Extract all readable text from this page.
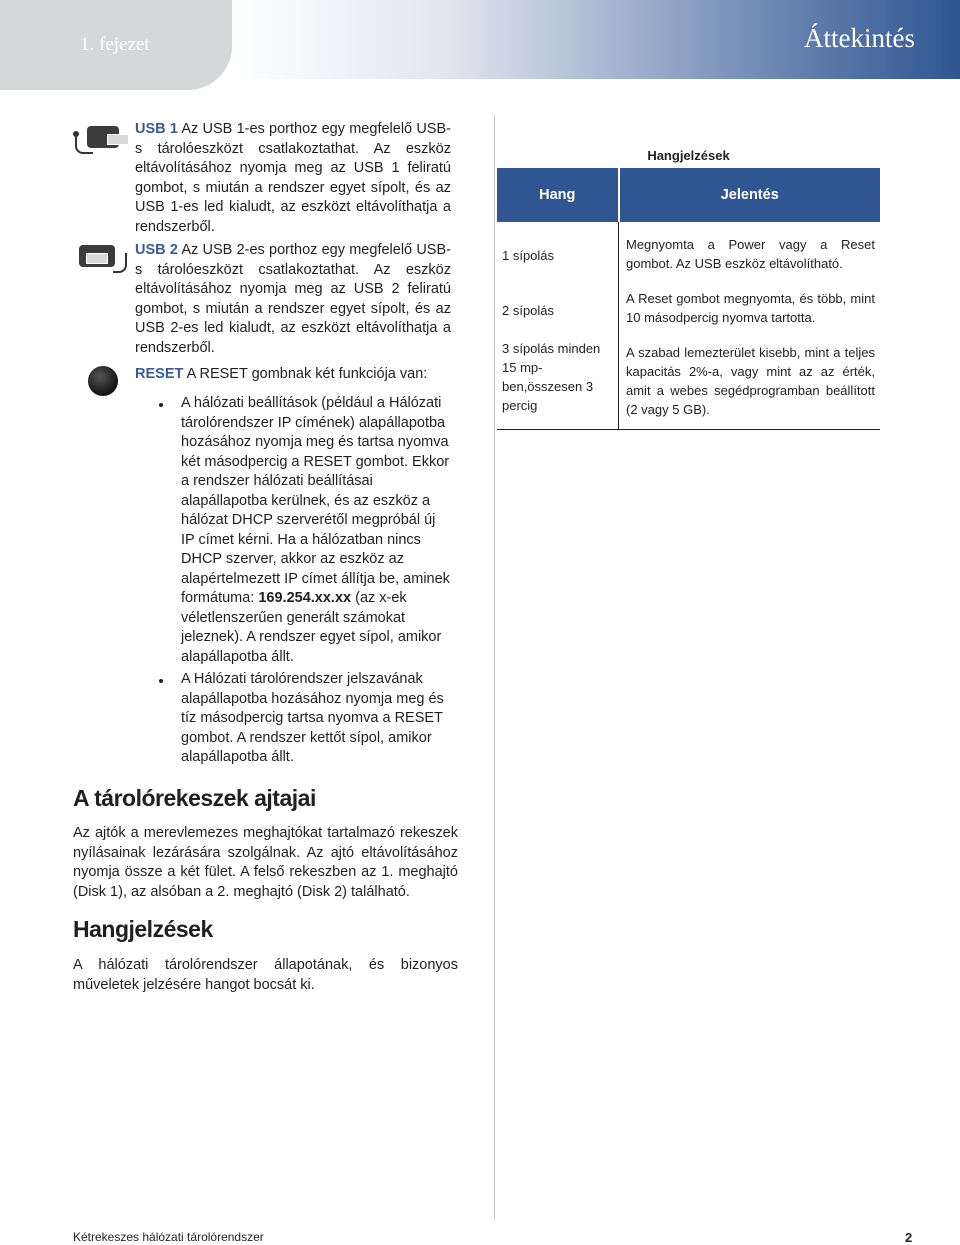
1. fejezet	Áttekintés
USB 1 Az USB 1-es porthoz egy megfelelő USB-s tárolóeszközt csatlakoztathat. Az eszköz eltávolításához nyomja meg az USB 1 feliratú gombot, s miután a rendszer egyet sípolt, és az USB 1-es led kialudt, az eszközt eltávolíthatja a rendszerből.
USB 2 Az USB 2-es porthoz egy megfelelő USB-s tárolóeszközt csatlakoztathat. Az eszköz eltávolításához nyomja meg az USB 2 feliratú gombot, s miután a rendszer egyet sípolt, és az USB 2-es led kialudt, az eszközt eltávolíthatja a rendszerből.
RESET A RESET gombnak két funkciója van:
A hálózati beállítások (például a Hálózati tárolórendszer IP címének) alapállapotba hozásához nyomja meg és tartsa nyomva két másodpercig a RESET gombot. Ekkor a rendszer hálózati beállításai alapállapotba kerülnek, és az eszköz a hálózat DHCP szerverétől megpróbál új IP címet kérni. Ha a hálózatban nincs DHCP szerver, akkor az eszköz az alapértelmezett IP címet állítja be, aminek formátuma: 169.254.xx.xx (az x-ek véletlenszerűen generált számokat jeleznek). A rendszer egyet sípol, amikor alapállapotba állt.
A Hálózati tárolórendszer jelszavának alapállapotba hozásához nyomja meg és tíz másodpercig tartsa nyomva a RESET gombot. A rendszer kettőt sípol, amikor alapállapotba állt.
A tárolórekeszek ajtajai
Az ajtók a merevlemezes meghajtókat tartalmazó rekeszek nyílásainak lezárására szolgálnak. Az ajtó eltávolításához nyomja össze a két fület. A felső rekeszben az 1. meghajtó (Disk 1), az alsóban a 2. meghajtó (Disk 2) található.
Hangjelzések
A hálózati tárolórendszer állapotának, és bizonyos műveletek jelzésére hangot bocsát ki.
Hangjelzések
Hang	Jelentés
1 sípolás	Megnyomta a Power vagy a Reset gombot. Az USB eszköz eltávolítható.
2 sípolás	A Reset gombot megnyomta, és több, mint 10 másodpercig nyomva tartotta.
3 sípolás minden 15 mp-ben,összesen 3 percig	A szabad lemezterület kisebb, mint a teljes kapacitás 2%-a, vagy mint az az érték, amit a webes segédprogramban beállított (2 vagy 5 GB).
Kétrekeszes hálózati tárolórendszer	2
